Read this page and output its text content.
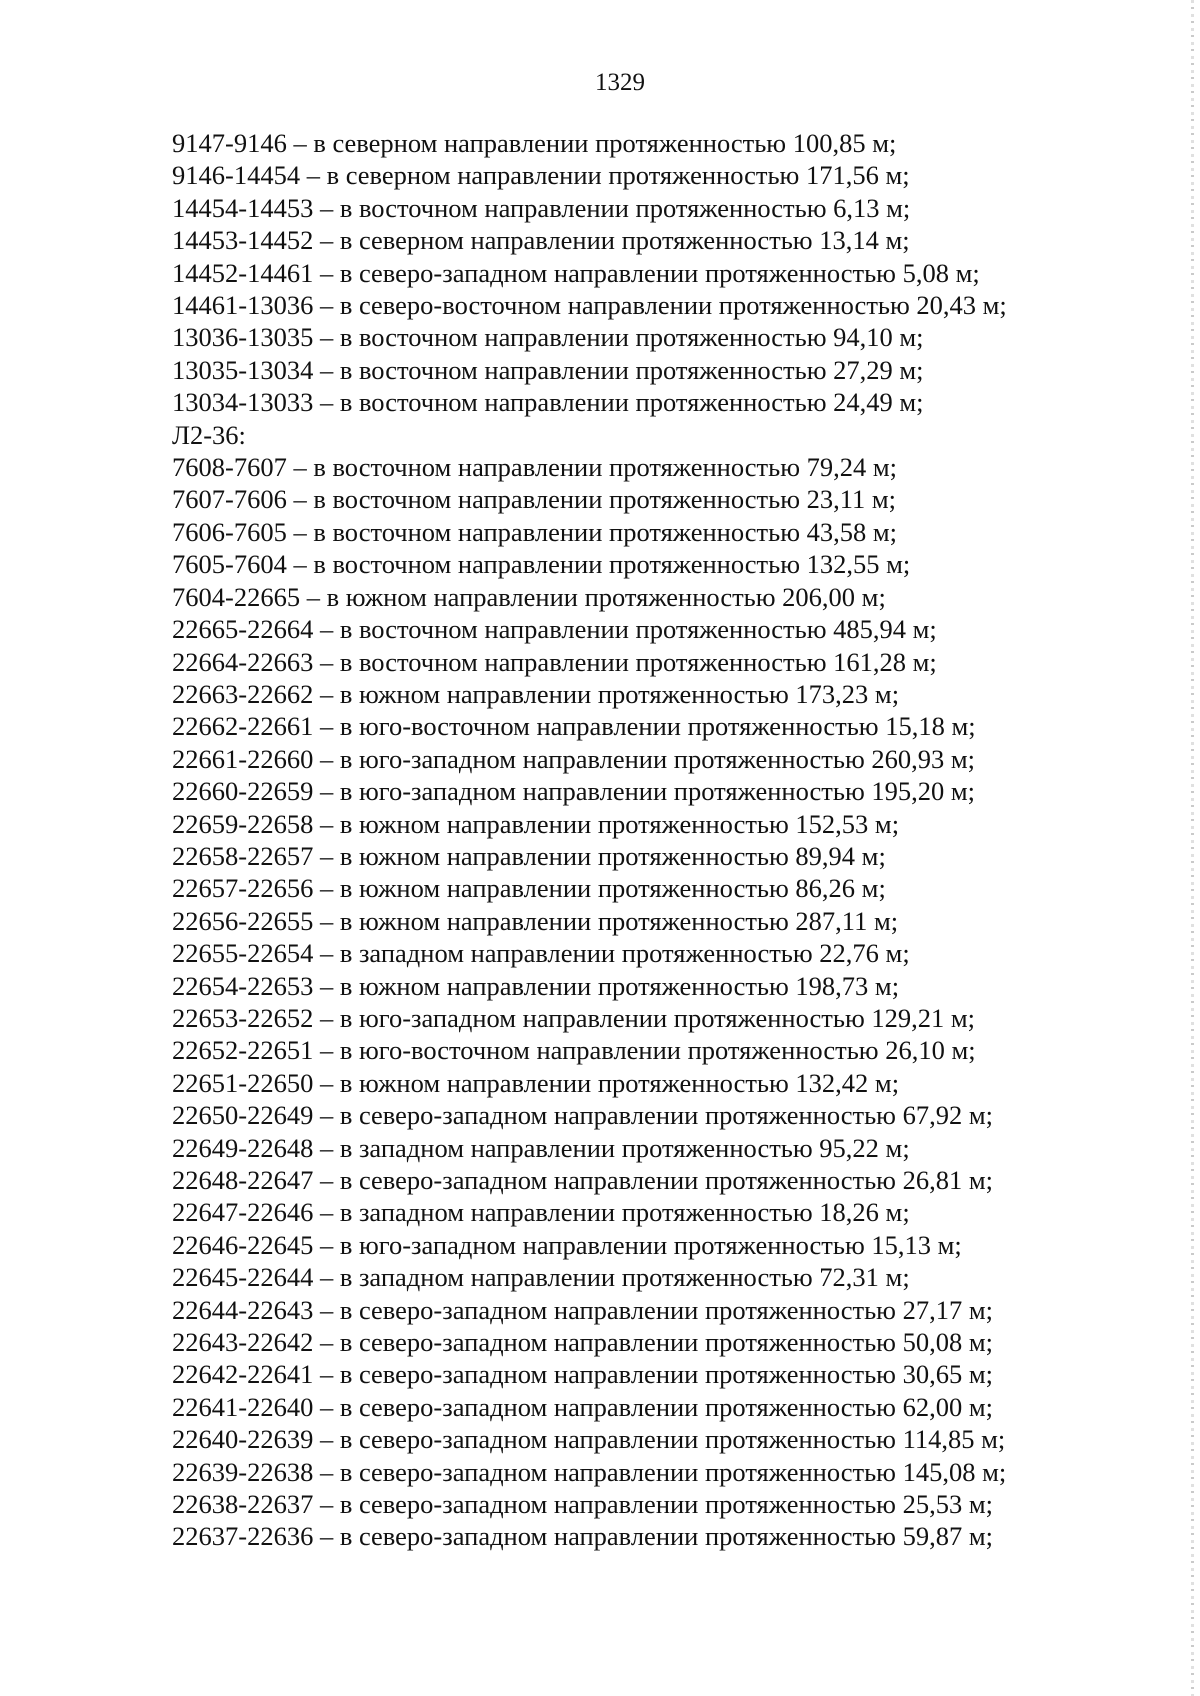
1329
9147-9146 – в северном направлении протяженностью 100,85 м;
9146-14454 – в северном направлении протяженностью 171,56 м;
14454-14453 – в восточном направлении протяженностью 6,13 м;
14453-14452 – в северном направлении протяженностью 13,14 м;
14452-14461 – в северо-западном направлении протяженностью 5,08 м;
14461-13036 – в северо-восточном направлении протяженностью 20,43 м;
13036-13035 – в восточном направлении протяженностью 94,10 м;
13035-13034 – в восточном направлении протяженностью 27,29 м;
13034-13033 – в восточном направлении протяженностью 24,49 м;
Л2-36:
7608-7607 – в восточном направлении протяженностью 79,24 м;
7607-7606 – в восточном направлении протяженностью 23,11 м;
7606-7605 – в восточном направлении протяженностью 43,58 м;
7605-7604 – в восточном направлении протяженностью 132,55 м;
7604-22665 – в южном направлении протяженностью 206,00 м;
22665-22664 – в восточном направлении протяженностью 485,94 м;
22664-22663 – в восточном направлении протяженностью 161,28 м;
22663-22662 – в южном направлении протяженностью 173,23 м;
22662-22661 – в юго-восточном направлении протяженностью 15,18 м;
22661-22660 – в юго-западном направлении протяженностью 260,93 м;
22660-22659 – в юго-западном направлении протяженностью 195,20 м;
22659-22658 – в южном направлении протяженностью 152,53 м;
22658-22657 – в южном направлении протяженностью 89,94 м;
22657-22656 – в южном направлении протяженностью 86,26 м;
22656-22655 – в южном направлении протяженностью 287,11 м;
22655-22654 – в западном направлении протяженностью 22,76 м;
22654-22653 – в южном направлении протяженностью 198,73 м;
22653-22652 – в юго-западном направлении протяженностью 129,21 м;
22652-22651 – в юго-восточном направлении протяженностью 26,10 м;
22651-22650 – в южном направлении протяженностью 132,42 м;
22650-22649 – в северо-западном направлении протяженностью 67,92 м;
22649-22648 – в западном направлении протяженностью 95,22 м;
22648-22647 – в северо-западном направлении протяженностью 26,81 м;
22647-22646 – в западном направлении протяженностью 18,26 м;
22646-22645 – в юго-западном направлении протяженностью 15,13 м;
22645-22644 – в западном направлении протяженностью 72,31 м;
22644-22643 – в северо-западном направлении протяженностью 27,17 м;
22643-22642 – в северо-западном направлении протяженностью 50,08 м;
22642-22641 – в северо-западном направлении протяженностью 30,65 м;
22641-22640 – в северо-западном направлении протяженностью 62,00 м;
22640-22639 – в северо-западном направлении протяженностью 114,85 м;
22639-22638 – в северо-западном направлении протяженностью 145,08 м;
22638-22637 – в северо-западном направлении протяженностью 25,53 м;
22637-22636 – в северо-западном направлении протяженностью 59,87 м;
